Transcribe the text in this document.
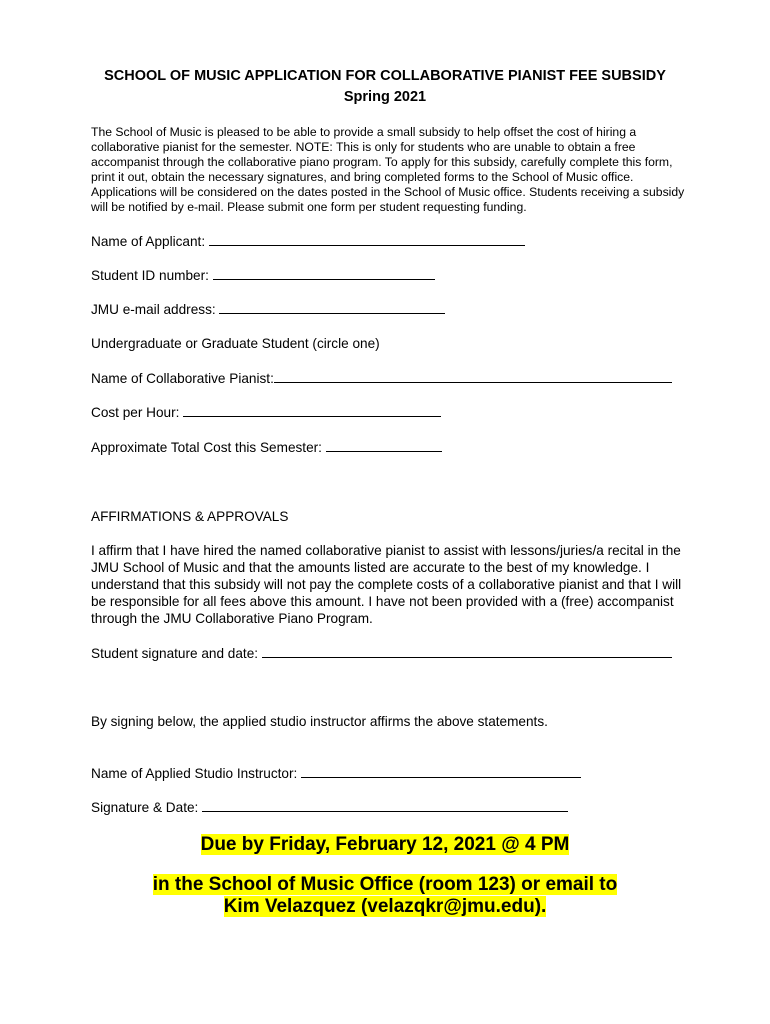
SCHOOL OF MUSIC APPLICATION FOR COLLABORATIVE PIANIST FEE SUBSIDY

Spring 2021

The School of Music is pleased to be able to provide a small subsidy to help offset the cost of hiring a collaborative pianist for the semester. NOTE: This is only for students who are unable to obtain a free accompanist through the collaborative piano program. To apply for this subsidy, carefully complete this form, print it out, obtain the necessary signatures, and bring completed forms to the School of Music office. Applications will be considered on the dates posted in the School of Music office. Students receiving a subsidy will be notified by e-mail. Please submit one form per student requesting funding.

Name of Applicant:
Student ID number:
JMU e-mail address:
Undergraduate or Graduate Student (circle one)
Name of Collaborative Pianist:
Cost per Hour:
Approximate Total Cost this Semester:

AFFIRMATIONS & APPROVALS

I affirm that I have hired the named collaborative pianist to assist with lessons/juries/a recital in the JMU School of Music and that the amounts listed are accurate to the best of my knowledge. I understand that this subsidy will not pay the complete costs of a collaborative pianist and that I will be responsible for all fees above this amount. I have not been provided with a (free) accompanist through the JMU Collaborative Piano Program.

Student signature and date:
By signing below, the applied studio instructor affirms the above statements.
Name of Applied Studio Instructor:
Signature & Date:
Due by Friday, February 12, 2021 @ 4 PM
in the School of Music Office (room 123) or email to
Kim Velazquez (velazqkr@jmu.edu).
